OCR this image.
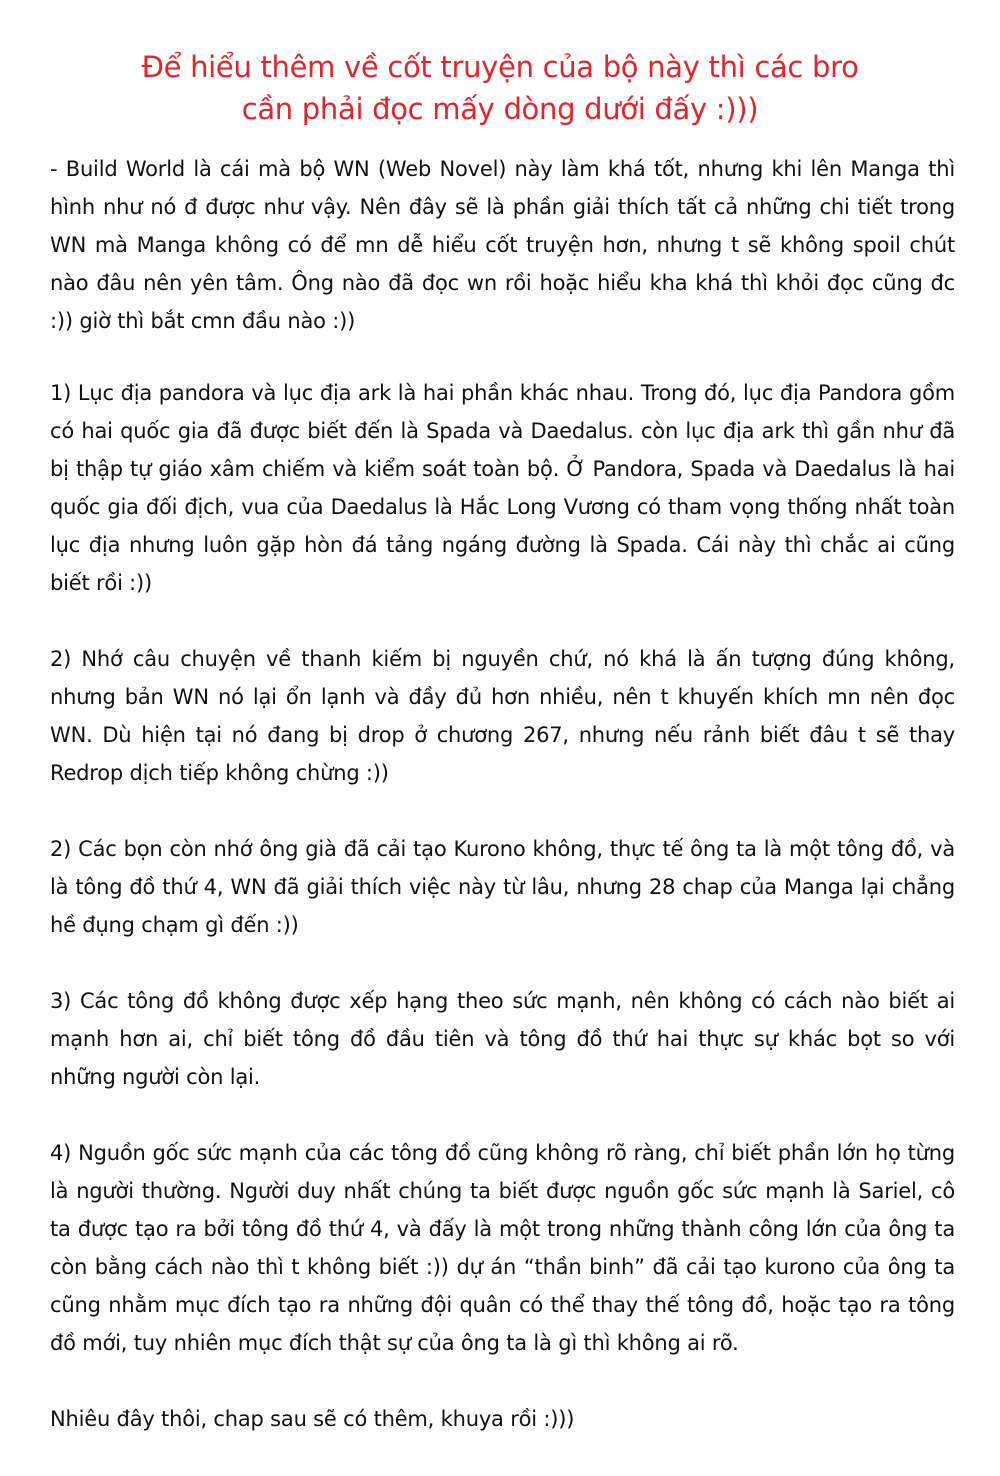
Để hiểu thêm về cốt truyện của bộ này thì các bro
cần phải đọc mấy dòng dưới đấy :)))

- Build World là cái mà bộ WN (Web Novel) này làm khá tốt, nhưng khi lên Manga thì hình như nó đ được như vậy. Nên đây sẽ là phần giải thích tất cả những chi tiết trong WN mà Manga không có để mn dễ hiểu cốt truyện hơn, nhưng t sẽ không spoil chút nào đâu nên yên tâm. Ông nào đã đọc wn rồi hoặc hiểu kha khá thì khỏi đọc cũng đc :)) giờ thì bắt cmn đầu nào :))

1) Lục địa pandora và lục địa ark là hai phần khác nhau. Trong đó, lục địa Pandora gồm có hai quốc gia đã được biết đến là Spada và Daedalus. còn lục địa ark thì gần như đã bị thập tự giáo xâm chiếm và kiểm soát toàn bộ. Ở Pandora, Spada và Daedalus là hai quốc gia đối địch, vua của Daedalus là Hắc Long Vương có tham vọng thống nhất toàn lục địa nhưng luôn gặp hòn đá tảng ngáng đường là Spada. Cái này thì chắc ai cũng biết rồi :))

2) Nhớ câu chuyện về thanh kiếm bị nguyền chứ, nó khá là ấn tượng đúng không, nhưng bản WN nó lại ổn lạnh và đầy đủ hơn nhiều, nên t khuyến khích mn nên đọc WN. Dù hiện tại nó đang bị drop ở chương 267, nhưng nếu rảnh biết đâu t sẽ thay Redrop dịch tiếp không chừng :))

2) Các bọn còn nhớ ông già đã cải tạo Kurono không, thực tế ông ta là một tông đồ, và là tông đồ thứ 4, WN đã giải thích việc này từ lâu, nhưng 28 chap của Manga lại chẳng hề đụng chạm gì đến :))

3) Các tông đồ không được xếp hạng theo sức mạnh, nên không có cách nào biết ai mạnh hơn ai, chỉ biết tông đồ đầu tiên và tông đồ thứ hai thực sự khác bọt so với những người còn lại.

4) Nguồn gốc sức mạnh của các tông đồ cũng không rõ ràng, chỉ biết phần lớn họ từng là người thường. Người duy nhất chúng ta biết được nguồn gốc sức mạnh là Sariel, cô ta được tạo ra bởi tông đồ thứ 4, và đấy là một trong những thành công lớn của ông ta còn bằng cách nào thì t không biết :)) dự án “thần binh” đã cải tạo kurono của ông ta cũng nhằm mục đích tạo ra những đội quân có thể thay thế tông đồ, hoặc tạo ra tông đồ mới, tuy nhiên mục đích thật sự của ông ta là gì thì không ai rõ.

Nhiêu đây thôi, chap sau sẽ có thêm, khuya rồi :)))
